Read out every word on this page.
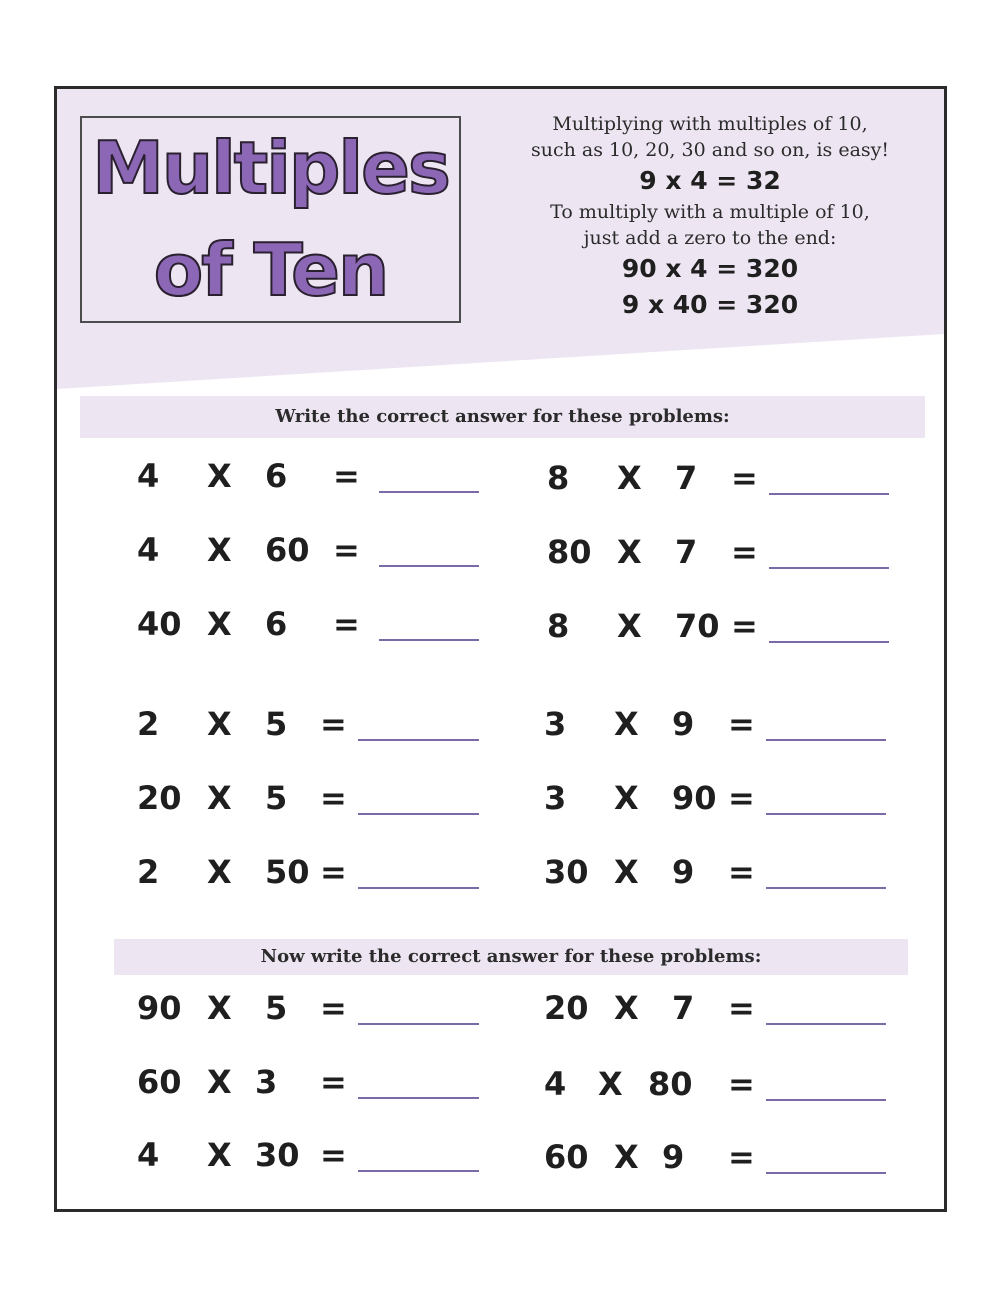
Multiples
of Ten
Multiplying with multiples of 10,
such as 10, 20, 30 and so on, is easy!
9 x 4 = 32
To multiply with a multiple of 10,
just add a zero to the end:
90 x 4 = 320
9 x 40 = 320
Write the correct answer for these problems:
Now write the correct answer for these problems:
4 X 6 =
4 X 60 =
40 X 6 =
2 X 5 =
20 X 5 =
2 X 50 =
8 X 7 =
80 X 7 =
8 X 70 =
3 X 9 =
3 X 90 =
30 X 9 =
90 X 5 =
60 X 3 =
4 X 30 =
20 X 7 =
4 X 80 =
60 X 9 =
